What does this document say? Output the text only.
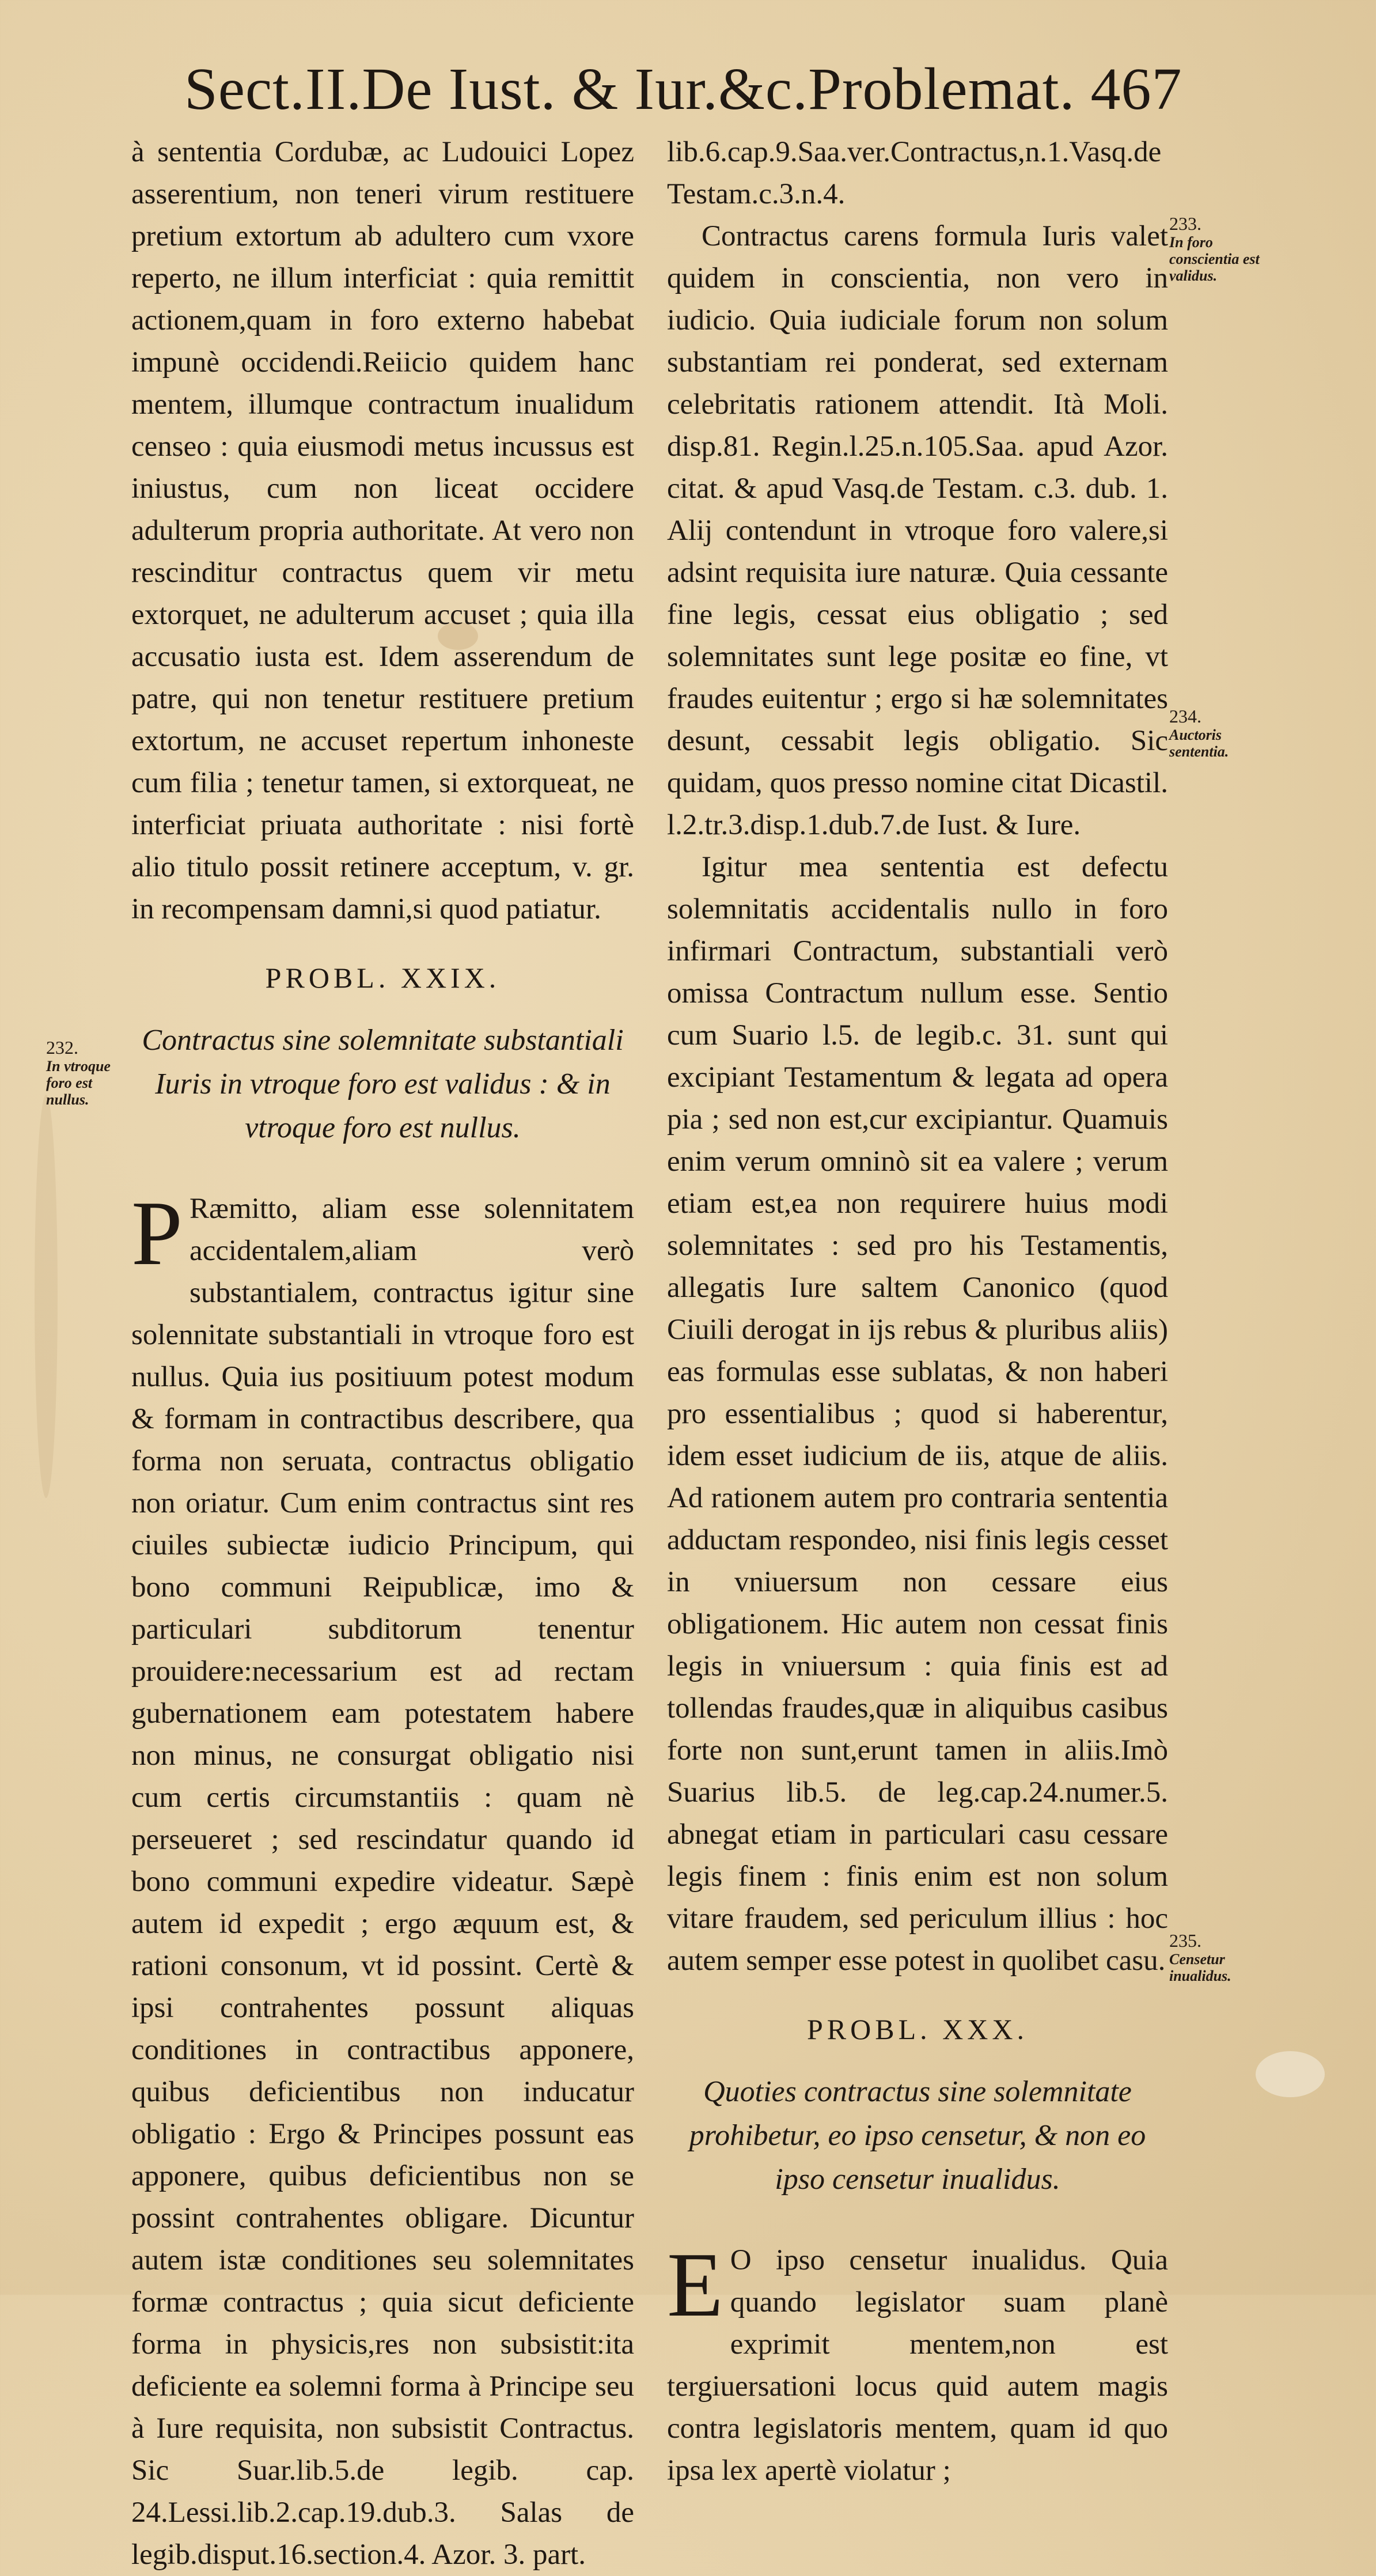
Sect.II.De Iust. & Iur.&c.Problemat. 467

à sententia Cordubæ, ac Ludouici Lopez asserentium, non teneri virum restituere pretium extortum ab adultero cum vxore reperto, ne illum interficiat : quia remittit actionem,quam in foro externo habebat impunè occidendi.Reiicio quidem hanc mentem, illumque contractum inualidum censeo : quia eiusmodi metus incussus est iniustus, cum non liceat occidere adulterum propria authoritate. At vero non rescinditur contractus quem vir metu extorquet, ne adulterum accuset ; quia illa accusatio iusta est. Idem asserendum de patre, qui non tenetur restituere pretium extortum, ne accuset repertum inhoneste cum filia ; tenetur tamen, si extorqueat, ne interficiat priuata authoritate : nisi fortè alio titulo possit retinere acceptum, v. gr. in recompensam damni,si quod patiatur.

PROBL. XXIX.

Contractus sine solemnitate substantiali Iuris in vtroque foro est validus : & in vtroque foro est nullus.

P Ræmitto, aliam esse solennitatem accidentalem,aliam verò substantialem, contractus igitur sine solennitate substantiali in vtroque foro est nullus. Quia ius positiuum potest modum & formam in contractibus describere, qua forma non seruata, contractus obligatio non oriatur. Cum enim contractus sint res ciuiles subiectæ iudicio Principum, qui bono communi Reipublicæ, imo & particulari subditorum tenentur prouidere:necessarium est ad rectam gubernationem eam potestatem habere non minus, ne consurgat obligatio nisi cum certis circumstantiis : quam nè perseueret ; sed rescindatur quando id bono communi expedire videatur. Sæpè autem id expedit ; ergo æquum est, & rationi consonum, vt id possint. Certè & ipsi contrahentes possunt aliquas conditiones in contractibus apponere, quibus deficientibus non inducatur obligatio : Ergo & Principes possunt eas apponere, quibus deficientibus non se possint contrahentes obligare. Dicuntur autem istæ conditiones seu solemnitates formæ contractus ; quia sicut deficiente forma in physicis,res non subsistit:ita deficiente ea solemni forma à Principe seu à Iure requisita, non subsistit Contractus. Sic Suar.lib.5.de legib. cap. 24.Lessi.lib.2.cap.19.dub.3. Salas de legib.disput.16.section.4. Azor. 3. part.

lib.6.cap.9.Saa.ver.Contractus,n.1.Vasq.de Testam.c.3.n.4.

Contractus carens formula Iuris valet quidem in conscientia, non vero in iudicio. Quia iudiciale forum non solum substantiam rei ponderat, sed externam celebritatis rationem attendit. Ità Moli. disp.81. Regin.l.25.n.105.Saa. apud Azor. citat. & apud Vasq.de Testam. c.3. dub. 1. Alij contendunt in vtroque foro valere,si adsint requisita iure naturæ. Quia cessante fine legis, cessat eius obligatio ; sed solemnitates sunt lege positæ eo fine, vt fraudes euitentur ; ergo si hæ solemnitates desunt, cessabit legis obligatio. Sic quidam, quos presso nomine citat Dicastil. l.2.tr.3.disp.1.dub.7.de Iust. & Iure.

Igitur mea sententia est defectu solemnitatis accidentalis nullo in foro infirmari Contractum, substantiali verò omissa Contractum nullum esse. Sentio cum Suario l.5. de legib.c. 31. sunt qui excipiant Testamentum & legata ad opera pia ; sed non est,cur excipiantur. Quamuis enim verum omninò sit ea valere ; verum etiam est,ea non requirere huius modi solemnitates : sed pro his Testamentis, allegatis Iure saltem Canonico (quod Ciuili derogat in ijs rebus & pluribus aliis) eas formulas esse sublatas, & non haberi pro essentialibus ; quod si haberentur, idem esset iudicium de iis, atque de aliis. Ad rationem autem pro contraria sententia adductam respondeo, nisi finis legis cesset in vniuersum non cessare eius obligationem. Hic autem non cessat finis legis in vniuersum : quia finis est ad tollendas fraudes,quæ in aliquibus casibus forte non sunt,erunt tamen in aliis.Imò Suarius lib.5. de leg.cap.24.numer.5. abnegat etiam in particulari casu cessare legis finem : finis enim est non solum vitare fraudem, sed periculum illius : hoc autem semper esse potest in quolibet casu.

PROBL. XXX.

Quoties contractus sine solemnitate prohibetur, eo ipso censetur, & non eo ipso censetur inualidus.

E O ipso censetur inualidus. Quia quando legislator suam planè exprimit mentem,non est tergiuersationi locus quid autem magis contra legislatoris mentem, quam id quo ipsa lex apertè violatur ;

232.
In vtroque foro est nullus.
233.
In foro conscientia est validus.
234.
Auctoris sententia.
235.
Censetur inualidus.
